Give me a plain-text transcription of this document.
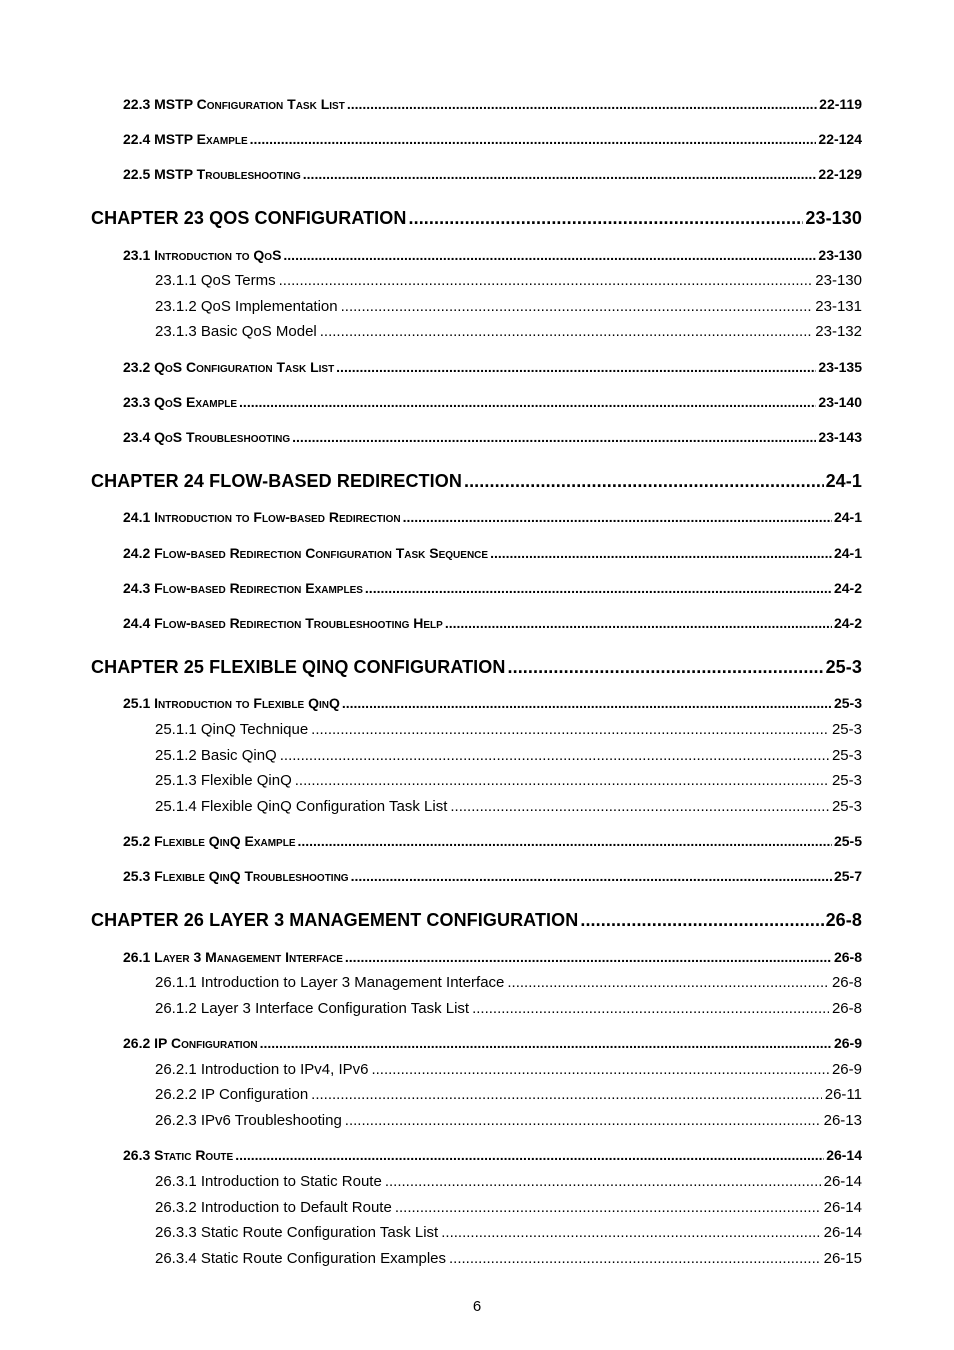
22.3 MSTP Configuration Task List .....	22-119
22.4 MSTP Example .....	22-124
22.5 MSTP Troubleshooting .....	22-129
CHAPTER 23 QOS CONFIGURATION .....	23-130
23.1 Introduction to QoS .....	23-130
23.1.1 QoS Terms .....	23-130
23.1.2 QoS Implementation .....	23-131
23.1.3 Basic QoS Model .....	23-132
23.2 QoS Configuration Task List .....	23-135
23.3 QoS Example .....	23-140
23.4 QoS Troubleshooting .....	23-143
CHAPTER 24 FLOW-BASED REDIRECTION .....	24-1
24.1 Introduction to Flow-based Redirection .....	24-1
24.2 Flow-based Redirection Configuration Task Sequence .....	24-1
24.3 Flow-based Redirection Examples .....	24-2
24.4 Flow-based Redirection Troubleshooting Help .....	24-2
CHAPTER 25 FLEXIBLE QINQ CONFIGURATION .....	25-3
25.1 Introduction to Flexible QinQ .....	25-3
25.1.1 QinQ Technique .....	25-3
25.1.2 Basic QinQ .....	25-3
25.1.3 Flexible QinQ .....	25-3
25.1.4 Flexible QinQ Configuration Task List .....	25-3
25.2 Flexible QinQ Example .....	25-5
25.3 Flexible QinQ Troubleshooting .....	25-7
CHAPTER 26 LAYER 3 MANAGEMENT CONFIGURATION .....	26-8
26.1 Layer 3 Management Interface .....	26-8
26.1.1 Introduction to Layer 3 Management Interface .....	26-8
26.1.2 Layer 3 Interface Configuration Task List .....	26-8
26.2 IP Configuration .....	26-9
26.2.1 Introduction to IPv4, IPv6 .....	26-9
26.2.2 IP Configuration .....	26-11
26.2.3 IPv6 Troubleshooting .....	26-13
26.3 Static Route .....	26-14
26.3.1 Introduction to Static Route .....	26-14
26.3.2 Introduction to Default Route .....	26-14
26.3.3 Static Route Configuration Task List .....	26-14
26.3.4 Static Route Configuration Examples .....	26-15
6
